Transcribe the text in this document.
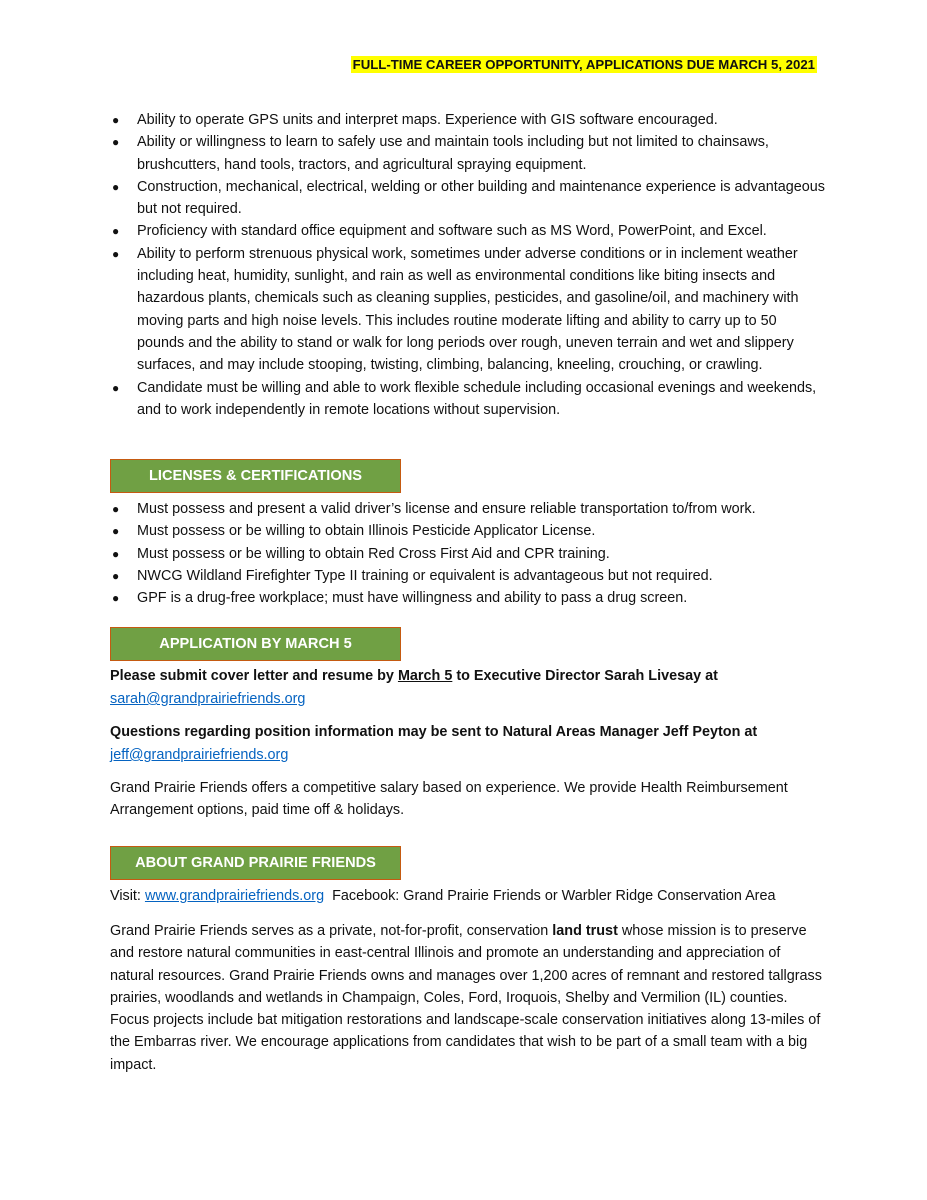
FULL-TIME CAREER OPPORTUNITY, APPLICATIONS DUE MARCH 5, 2021
● Ability to operate GPS units and interpret maps. Experience with GIS software encouraged.
● Ability or willingness to learn to safely use and maintain tools including but not limited to chainsaws, brushcutters, hand tools, tractors, and agricultural spraying equipment.
● Construction, mechanical, electrical, welding or other building and maintenance experience is advantageous but not required.
● Proficiency with standard office equipment and software such as MS Word, PowerPoint, and Excel.
● Ability to perform strenuous physical work, sometimes under adverse conditions or in inclement weather including heat, humidity, sunlight, and rain as well as environmental conditions like biting insects and hazardous plants, chemicals such as cleaning supplies, pesticides, and gasoline/oil, and machinery with moving parts and high noise levels. This includes routine moderate lifting and ability to carry up to 50 pounds and the ability to stand or walk for long periods over rough, uneven terrain and wet and slippery surfaces, and may include stooping, twisting, climbing, balancing, kneeling, crouching, or crawling.
● Candidate must be willing and able to work flexible schedule including occasional evenings and weekends, and to work independently in remote locations without supervision.
LICENSES & CERTIFICATIONS
● Must possess and present a valid driver’s license and ensure reliable transportation to/from work.
● Must possess or be willing to obtain Illinois Pesticide Applicator License.
● Must possess or be willing to obtain Red Cross First Aid and CPR training.
● NWCG Wildland Firefighter Type II training or equivalent is advantageous but not required.
● GPF is a drug-free workplace; must have willingness and ability to pass a drug screen.
APPLICATION BY MARCH 5

Please submit cover letter and resume by March 5 to Executive Director Sarah Livesay at

sarah@grandprairiefriends.org

Questions regarding position information may be sent to Natural Areas Manager Jeff Peyton at

jeff@grandprairiefriends.org

Grand Prairie Friends offers a competitive salary based on experience. We provide Health Reimbursement Arrangement options, paid time off & holidays.

ABOUT GRAND PRAIRIE FRIENDS

Visit: www.grandprairiefriends.org  Facebook: Grand Prairie Friends or Warbler Ridge Conservation Area

Grand Prairie Friends serves as a private, not-for-profit, conservation land trust whose mission is to preserve and restore natural communities in east-central Illinois and promote an understanding and appreciation of natural resources. Grand Prairie Friends owns and manages over 1,200 acres of remnant and restored tallgrass prairies, woodlands and wetlands in Champaign, Coles, Ford, Iroquois, Shelby and Vermilion (IL) counties. Focus projects include bat mitigation restorations and landscape-scale conservation initiatives along 13-miles of the Embarras river. We encourage applications from candidates that wish to be part of a small team with a big impact.
